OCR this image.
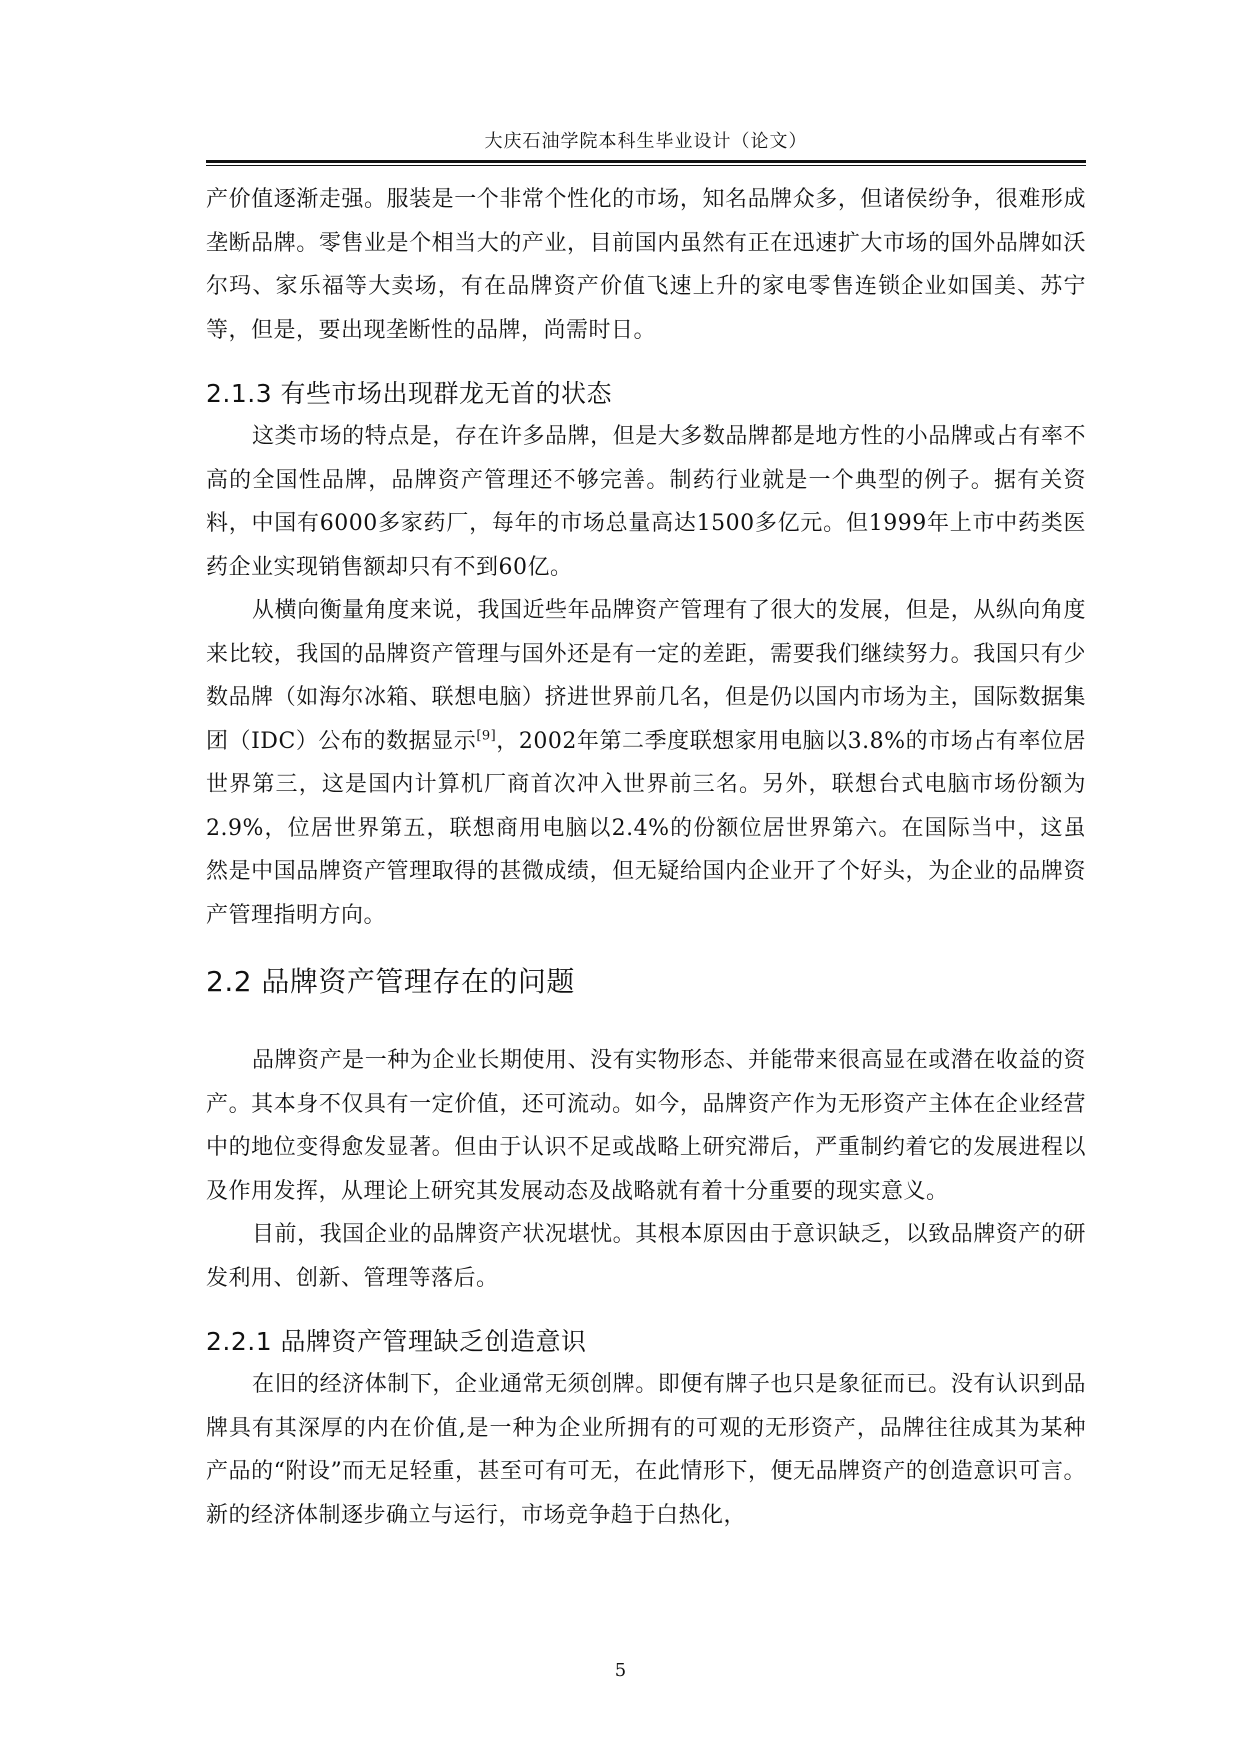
大庆石油学院本科生毕业设计（论文）

产价值逐渐走强。服装是一个非常个性化的市场，知名品牌众多，但诸侯纷争，很难形成垄断品牌。零售业是个相当大的产业，目前国内虽然有正在迅速扩大市场的国外品牌如沃尔玛、家乐福等大卖场，有在品牌资产价值飞速上升的家电零售连锁企业如国美、苏宁等，但是，要出现垄断性的品牌，尚需时日。

2.1.3 有些市场出现群龙无首的状态

这类市场的特点是，存在许多品牌，但是大多数品牌都是地方性的小品牌或占有率不高的全国性品牌，品牌资产管理还不够完善。制药行业就是一个典型的例子。据有关资料，中国有6000多家药厂，每年的市场总量高达1500多亿元。但1999年上市中药类医药企业实现销售额却只有不到60亿。

从横向衡量角度来说，我国近些年品牌资产管理有了很大的发展，但是，从纵向角度来比较，我国的品牌资产管理与国外还是有一定的差距，需要我们继续努力。我国只有少数品牌（如海尔冰箱、联想电脑）挤进世界前几名，但是仍以国内市场为主，国际数据集团（IDC）公布的数据显示[9]，2002年第二季度联想家用电脑以3.8%的市场占有率位居世界第三，这是国内计算机厂商首次冲入世界前三名。另外，联想台式电脑市场份额为2.9%，位居世界第五，联想商用电脑以2.4%的份额位居世界第六。在国际当中，这虽然是中国品牌资产管理取得的甚微成绩，但无疑给国内企业开了个好头，为企业的品牌资产管理指明方向。

2.2 品牌资产管理存在的问题

品牌资产是一种为企业长期使用、没有实物形态、并能带来很高显在或潜在收益的资产。其本身不仅具有一定价值，还可流动。如今，品牌资产作为无形资产主体在企业经营中的地位变得愈发显著。但由于认识不足或战略上研究滞后，严重制约着它的发展进程以及作用发挥，从理论上研究其发展动态及战略就有着十分重要的现实意义。

目前，我国企业的品牌资产状况堪忧。其根本原因由于意识缺乏，以致品牌资产的研发利用、创新、管理等落后。

2.2.1 品牌资产管理缺乏创造意识

在旧的经济体制下，企业通常无须创牌。即便有牌子也只是象征而已。没有认识到品牌具有其深厚的内在价值,是一种为企业所拥有的可观的无形资产，品牌往往成其为某种产品的“附设”而无足轻重，甚至可有可无，在此情形下，便无品牌资产的创造意识可言。新的经济体制逐步确立与运行，市场竞争趋于白热化，

5
